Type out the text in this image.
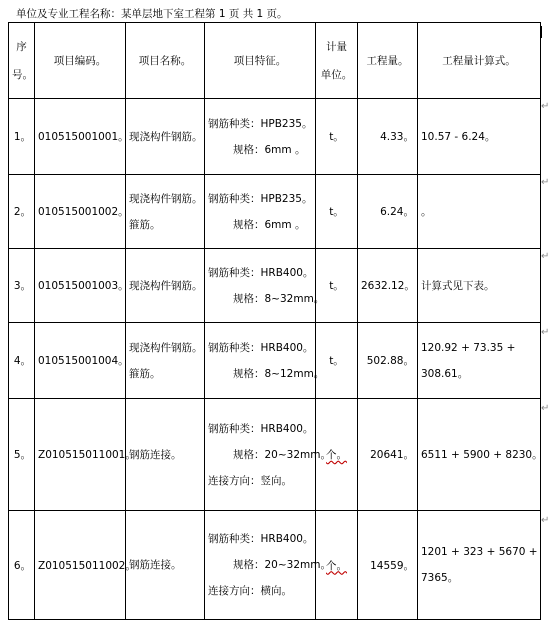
单位及专业工程名称：某单层地下室工程第 1 页 共 1 页。
序
号。	项目编码。	项目名称。	项目特征。	计量
单位。	工程量。	工程量计算式。
1。	010515001001。	现浇构件钢筋。	钢筋种类：HPB235。
规格：6mm 。	t。	4.33。	10.57 - 6.24。

2。	010515001002。	现浇构件钢筋。
箍筋。	钢筋种类：HPB235。
规格：6mm 。	t。	6.24。	。

3。	010515001003。	现浇构件钢筋。	钢筋种类：HRB400。
规格：8~32mm。	t。	2632.12。	计算式见下表。

4。	010515001004。	现浇构件钢筋。
箍筋。	钢筋种类：HRB400。
规格：8~12mm。	t。	502.88。	120.92 + 73.35 +
308.61。

5。	Z010515011001。	钢筋连接。	钢筋种类：HRB400。
规格：20~32mm。
连接方向：竖向。	个。	20641。	6511 + 5900 + 8230。

6。	Z010515011002。	钢筋连接。	钢筋种类：HRB400。
规格：20~32mm。
连接方向：横向。	个。	14559。	1201 + 323 + 5670 +
7365。
↵
↵
↵
↵
↵
↵
